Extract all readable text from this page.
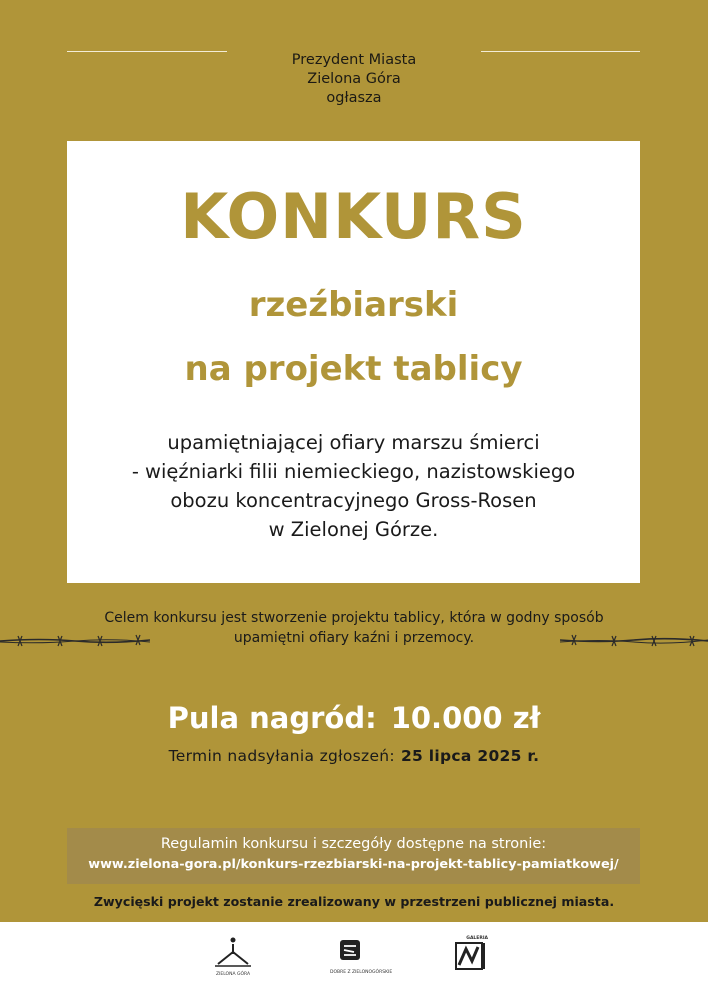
Prezydent Miasta
Zielona Góra
ogłasza
KONKURS
rzeźbiarski
na projekt tablicy
upamiętniającej ofiary marszu śmierci
- więźniarki filii niemieckiego, nazistowskiego
obozu koncentracyjnego Gross-Rosen
w Zielonej Górze.
Celem konkursu jest stworzenie projektu tablicy, która w godny sposób
upamiętni ofiary kaźni i przemocy.
Pula nagród: 10.000 zł
Termin nadsyłania zgłoszeń: 25 lipca 2025 r.
Regulamin konkursu i szczegóły dostępne na stronie:
www.zielona-gora.pl/konkurs-rzezbiarski-na-projekt-tablicy-pamiatkowej/
Zwycięski projekt zostanie zrealizowany w przestrzeni publicznej miasta.
ZIELONA GÓRA	DOBRE Z ZIELONOGÓRSKIE
GALERIA
